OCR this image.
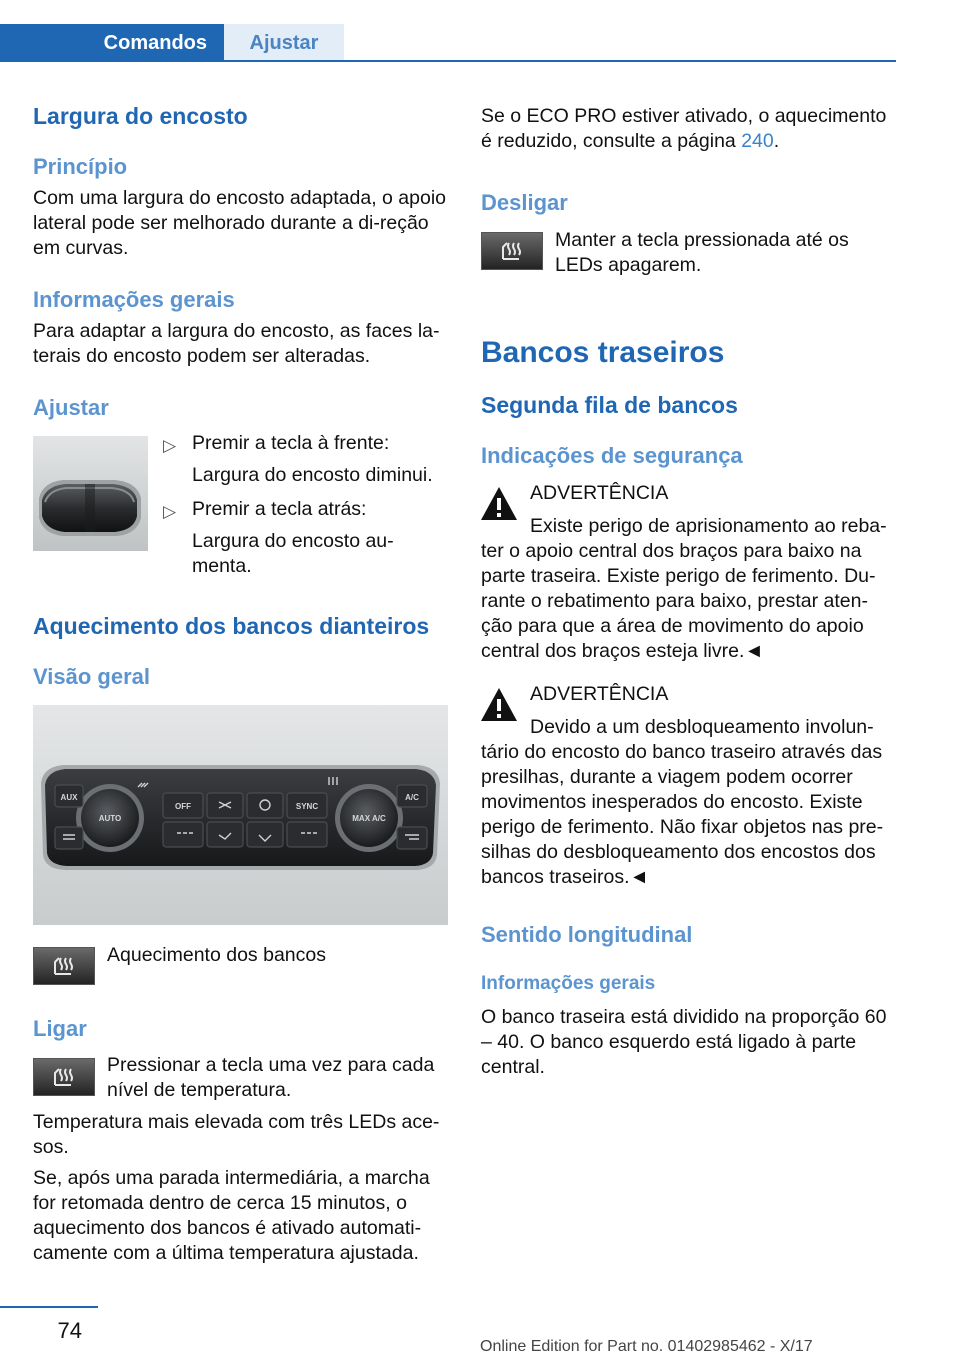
Comandos	Ajustar
Largura do encosto
Princípio
Com uma largura do encosto adaptada, o apoio lateral pode ser melhorado durante a di-reção em curvas.
Informações gerais
Para adaptar a largura do encosto, as faces la-terais do encosto podem ser alteradas.
Ajustar
▷ Premir a tecla à frente:
Largura do encosto diminui.
▷ Premir a tecla atrás:
Largura do encosto au-menta.
Aquecimento dos bancos dianteiros
Visão geral
AUTO
OFF	SYNC
MAX A/C
A/C
AUX
Aquecimento dos bancos
Ligar
Pressionar a tecla uma vez para cada nível de temperatura.
Temperatura mais elevada com três LEDs ace-sos.
Se, após uma parada intermediária, a marcha for retomada dentro de cerca 15 minutos, o aquecimento dos bancos é ativado automati-camente com a última temperatura ajustada.
Se o ECO PRO estiver ativado, o aquecimento é reduzido, consulte a página 240.
Desligar
Manter a tecla pressionada até os LEDs apagarem.
Bancos traseiros
Segunda fila de bancos
Indicações de segurança
ADVERTÊNCIA
Existe perigo de aprisionamento ao reba-
ter o apoio central dos braços para baixo na parte traseira. Existe perigo de ferimento. Du-rante o rebatimento para baixo, prestar aten-ção para que a área de movimento do apoio central dos braços esteja livre.◄
ADVERTÊNCIA
Devido a um desbloqueamento involun-
tário do encosto do banco traseiro através das presilhas, durante a viagem podem ocorrer movimentos inesperados do encosto. Existe perigo de ferimento. Não fixar objetos nas pre-silhas do desbloqueamento dos encostos dos bancos traseiros.◄
Sentido longitudinal
Informações gerais
O banco traseira está dividido na proporção 60 – 40. O banco esquerdo está ligado à parte central.
74
Online Edition for Part no. 01402985462 - X/17
